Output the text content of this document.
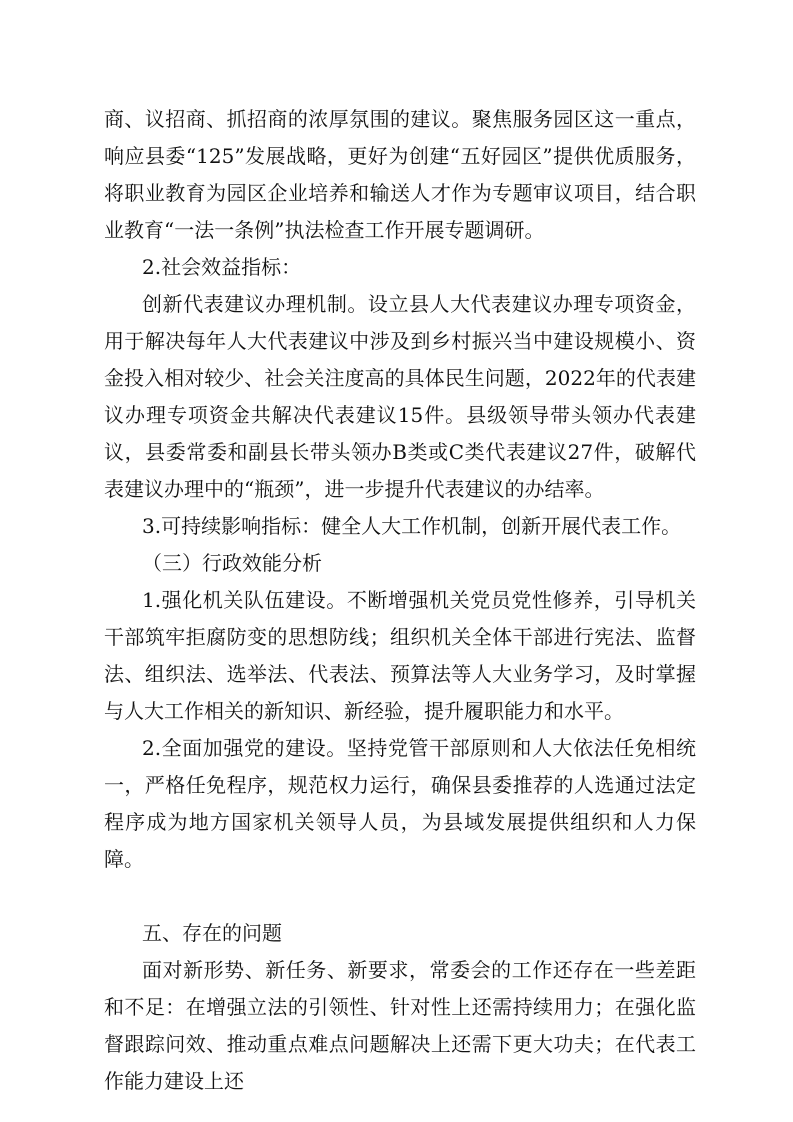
商、议招商、抓招商的浓厚氛围的建议。聚焦服务园区这一重点，响应县委“125”发展战略，更好为创建“五好园区”提供优质服务，将职业教育为园区企业培养和输送人才作为专题审议项目，结合职业教育“一法一条例”执法检查工作开展专题调研。

2.社会效益指标：

创新代表建议办理机制。设立县人大代表建议办理专项资金，用于解决每年人大代表建议中涉及到乡村振兴当中建设规模小、资金投入相对较少、社会关注度高的具体民生问题，2022年的代表建议办理专项资金共解决代表建议15件。县级领导带头领办代表建议，县委常委和副县长带头领办B类或C类代表建议27件，破解代表建议办理中的“瓶颈”，进一步提升代表建议的办结率。

3.可持续影响指标：健全人大工作机制，创新开展代表工作。

（三）行政效能分析

1.强化机关队伍建设。不断增强机关党员党性修养，引导机关干部筑牢拒腐防变的思想防线；组织机关全体干部进行宪法、监督法、组织法、选举法、代表法、预算法等人大业务学习，及时掌握与人大工作相关的新知识、新经验，提升履职能力和水平。

2.全面加强党的建设。坚持党管干部原则和人大依法任免相统一，严格任免程序，规范权力运行，确保县委推荐的人选通过法定程序成为地方国家机关领导人员，为县域发展提供组织和人力保障。

五、存在的问题

面对新形势、新任务、新要求，常委会的工作还存在一些差距和不足：在增强立法的引领性、针对性上还需持续用力；在强化监督跟踪问效、推动重点难点问题解决上还需下更大功夫；在代表工作能力建设上还
